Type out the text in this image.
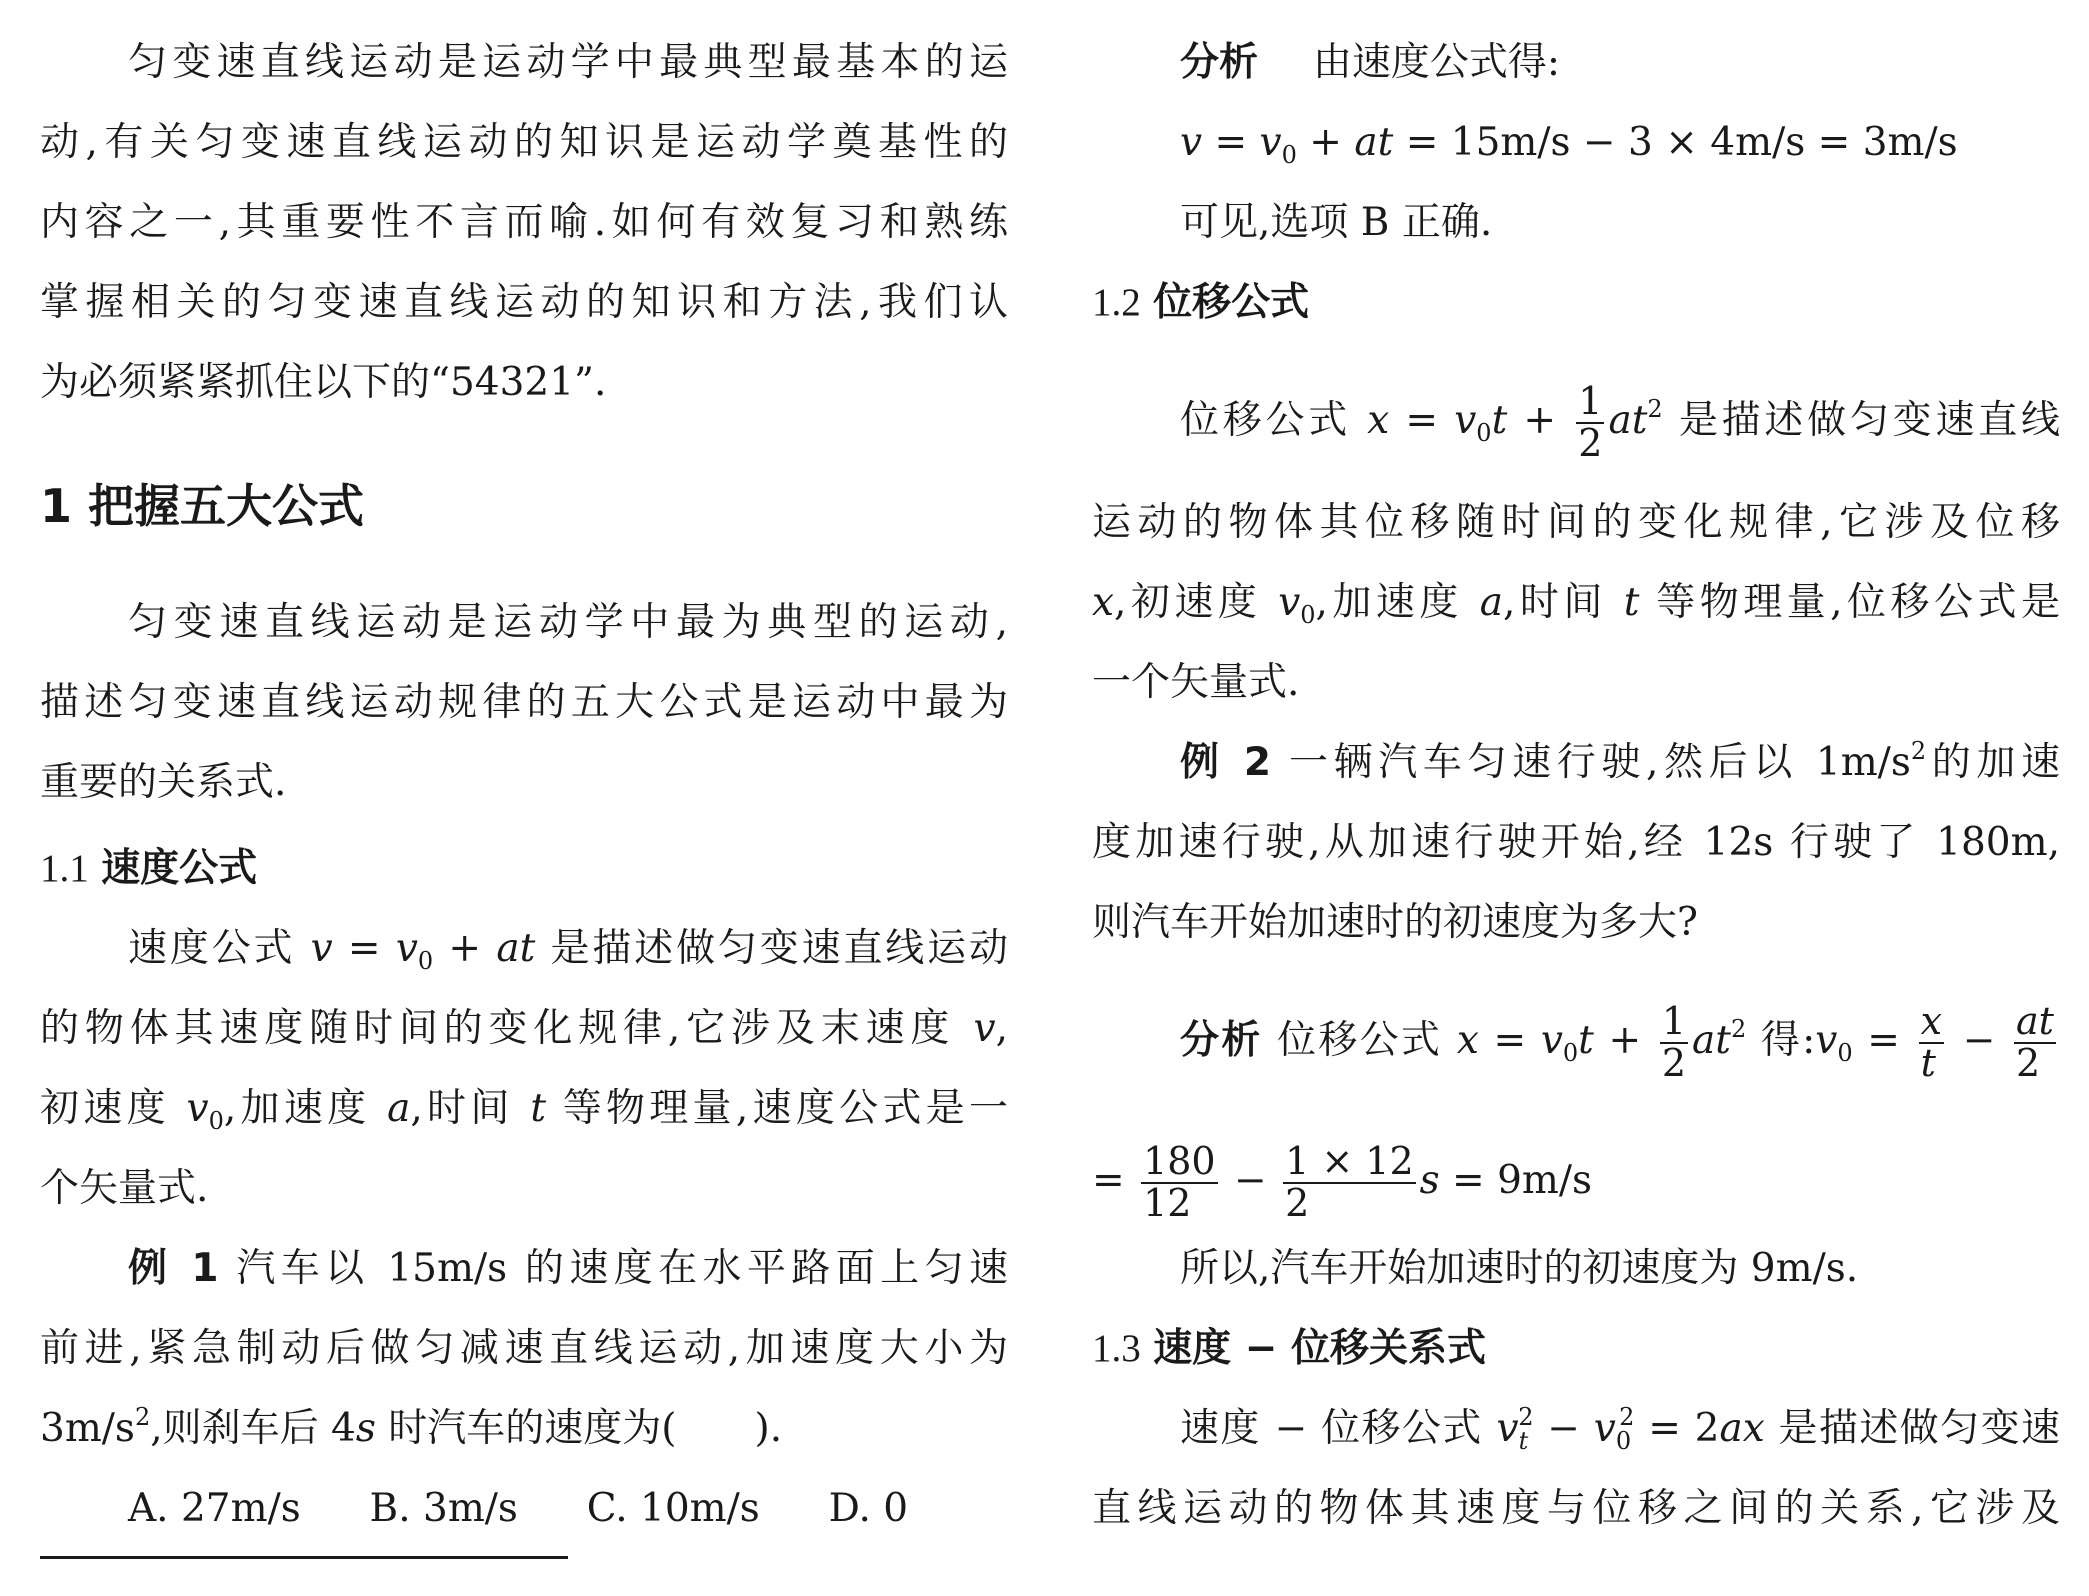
匀变速直线运动是运动学中最典型最基本的运
动,有关匀变速直线运动的知识是运动学奠基性的
内容之一,其重要性不言而喻.如何有效复习和熟练
掌握相关的匀变速直线运动的知识和方法,我们认
为必须紧紧抓住以下的“54321”.
1 把握五大公式
匀变速直线运动是运动学中最为典型的运动,
描述匀变速直线运动规律的五大公式是运动中最为
重要的关系式.
1.1 速度公式
速度公式 $v = v_0$ + at 是描述做匀变速直线运动
的物体其速度随时间的变化规律,它涉及末速度 v,
初速度 $v_0$,加速度 a,时间 t 等物理量,速度公式是一
个矢量式.
例 1 汽车以 15m/s 的速度在水平路面上匀速
前进,紧急制动后做匀减速直线运动,加速度大小为
$3m/s^2$,则刹车后 4s 时汽车的速度为(　　).
A. 27m/s B. 3m/s C. 10m/s D. 0
分析 由速度公式得:
$v = v_0$ + at = 15m/s − 3 × 4m/s = 3m/s
可见,选项 B 正确.
1.2 位移公式
位移公式 $x = v_0t + \frac{1}{2} at^2$ 是描述做匀变速直线
运动的物体其位移随时间的变化规律,它涉及位移
x,初速度 $v_0$,加速度 a,时间 t 等物理量,位移公式是
一个矢量式.
例 2 一辆汽车匀速行驶,然后以 $1m/s^2$的加速
度加速行驶,从加速行驶开始,经 12s 行驶了 180m,
则汽车开始加速时的初速度为多大?
分析 位移公式 $x = v_0t + \frac{1}{2} at^2$ 得$:v_0 = \frac{x}{t} - \frac{at}{2}$
= $\frac{180}{12} - \frac{1 \times 12}{2}$ s = 9m/s
所以,汽车开始加速时的初速度为 9m/s.
1.3 速度 − 位移关系式
速度 − 位移公式 $v_t^2 - v_0^2 = 2ax$ 是描述做匀变速
直线运动的物体其速度与位移之间的关系,它涉及
